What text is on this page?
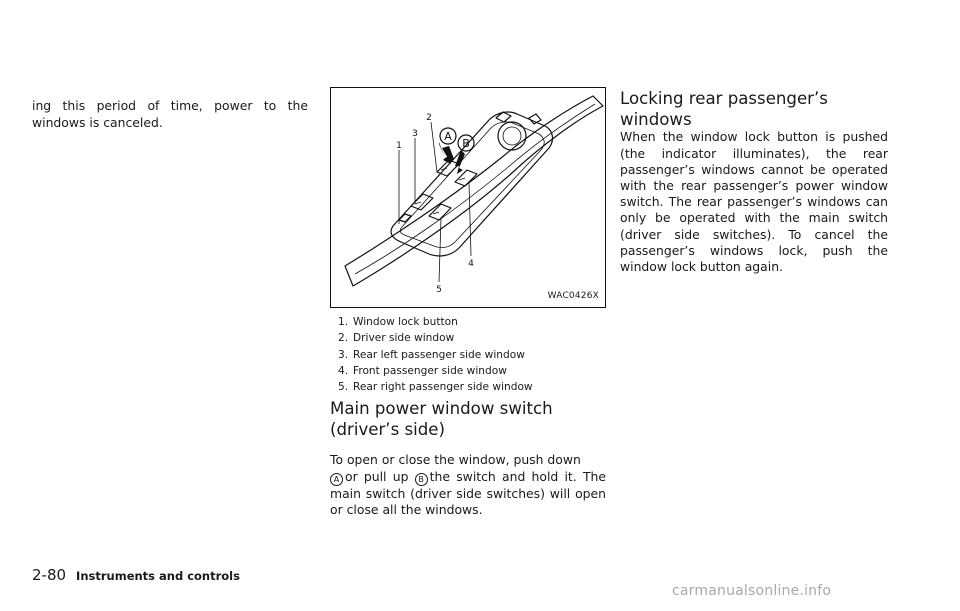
ing this period of time, power to the windows is canceled.

A
B
1
2
3
4
5
WAC0426X
1. Window lock button
2. Driver side window
3. Rear left passenger side window
4. Front passenger side window
5. Rear right passenger side window
Main power window switch (driver’s side)

To open or close the window, push down
A or pull up B the switch and hold it. The main switch (driver side switches) will open or close all the windows.

Locking rear passenger’s windows

When the window lock button is pushed (the indicator illuminates), the rear passenger’s windows cannot be operated with the rear passenger’s power window switch. The rear passenger’s windows can only be operated with the main switch (driver side switches). To cancel the passenger’s windows lock, push the window lock button again.

2-80 Instruments and controls
carmanualsonline.info
